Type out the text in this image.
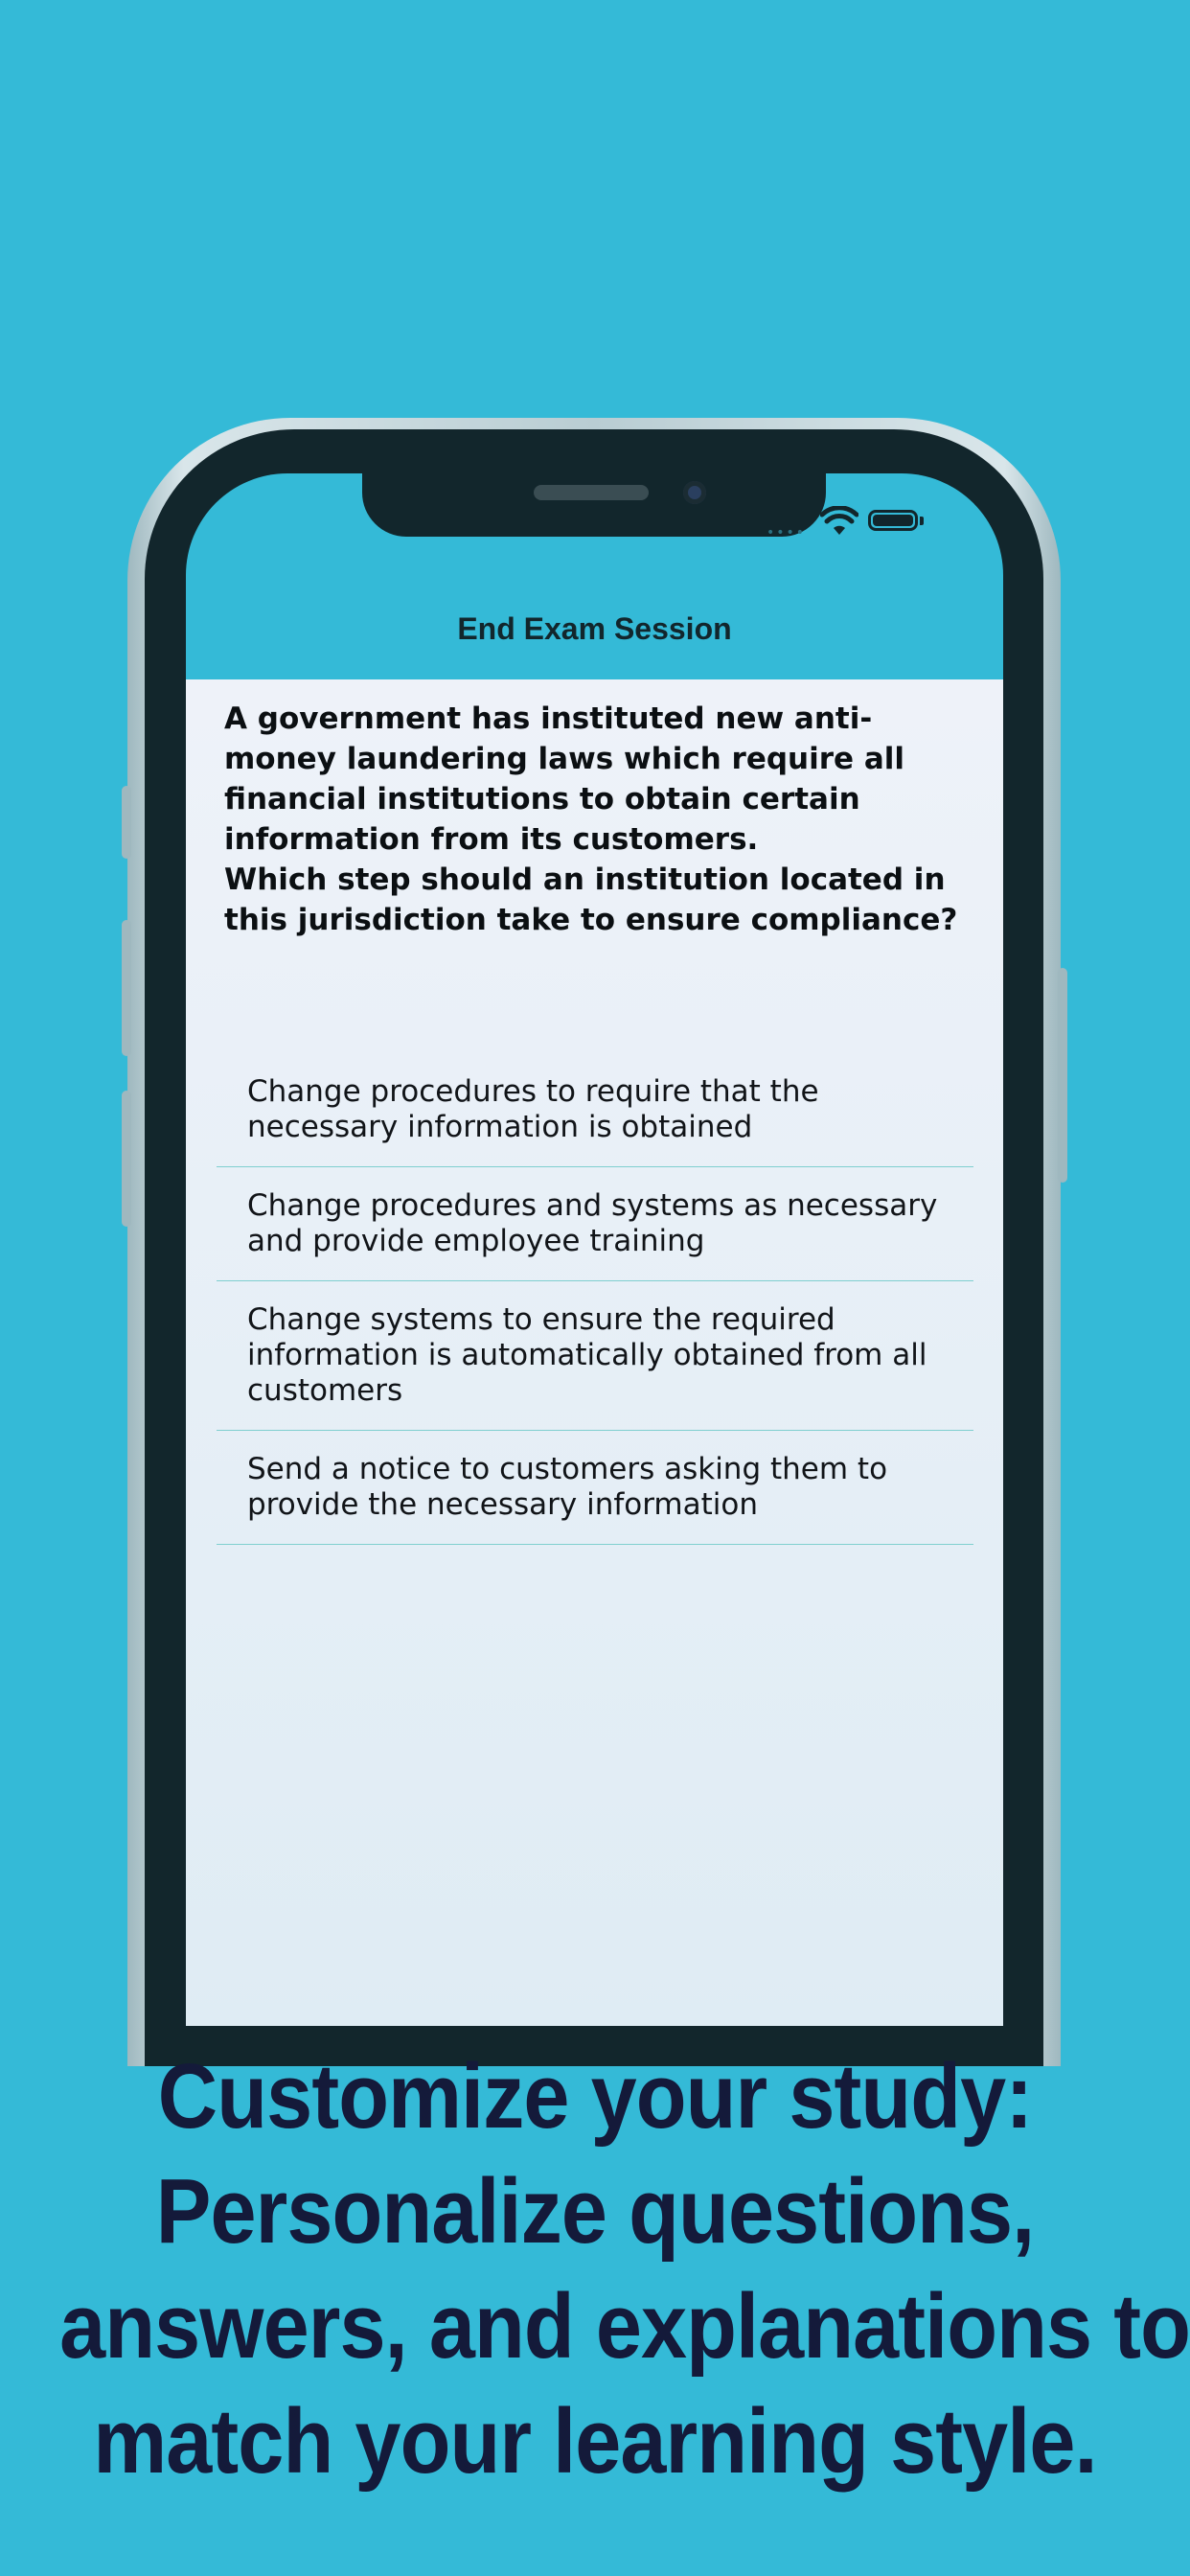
••••
End Exam Session
A government has instituted new anti-money laundering laws which require all financial institutions to obtain certain information from its customers.
Which step should an institution located in this jurisdiction take to ensure compliance?
Change procedures to require that the necessary information is obtained
Change procedures and systems as necessary and provide employee training
Change systems to ensure the required information is automatically obtained from all customers
Send a notice to customers asking them to provide the necessary information
Customize your study:
Personalize questions,
answers, and explanations to
match your learning style.
